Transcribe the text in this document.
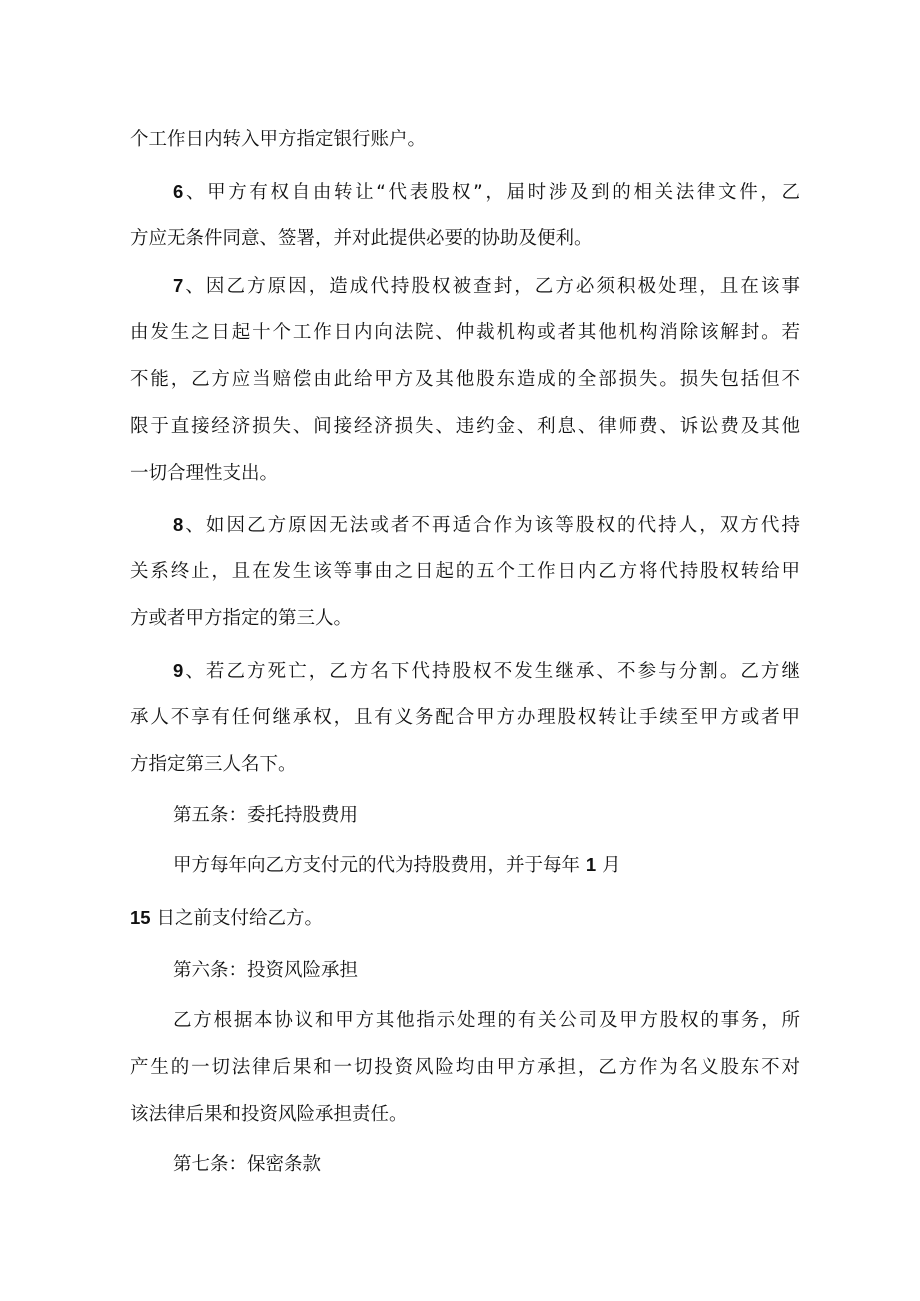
个工作日内转入甲方指定银行账户。
6、甲方有权自由转让“代表股权”，届时涉及到的相关法律文件，乙
方应无条件同意、签署，并对此提供必要的协助及便利。
7、因乙方原因，造成代持股权被查封，乙方必须积极处理，且在该事
由发生之日起十个工作日内向法院、仲裁机构或者其他机构消除该解封。若
不能，乙方应当赔偿由此给甲方及其他股东造成的全部损失。损失包括但不
限于直接经济损失、间接经济损失、违约金、利息、律师费、诉讼费及其他
一切合理性支出。
8、如因乙方原因无法或者不再适合作为该等股权的代持人，双方代持
关系终止，且在发生该等事由之日起的五个工作日内乙方将代持股权转给甲
方或者甲方指定的第三人。
9、若乙方死亡，乙方名下代持股权不发生继承、不参与分割。乙方继
承人不享有任何继承权，且有义务配合甲方办理股权转让手续至甲方或者甲
方指定第三人名下。
第五条：委托持股费用
甲方每年向乙方支付元的代为持股费用，并于每年 1 月
15 日之前支付给乙方。
第六条：投资风险承担
乙方根据本协议和甲方其他指示处理的有关公司及甲方股权的事务，所
产生的一切法律后果和一切投资风险均由甲方承担，乙方作为名义股东不对
该法律后果和投资风险承担责任。
第七条：保密条款
